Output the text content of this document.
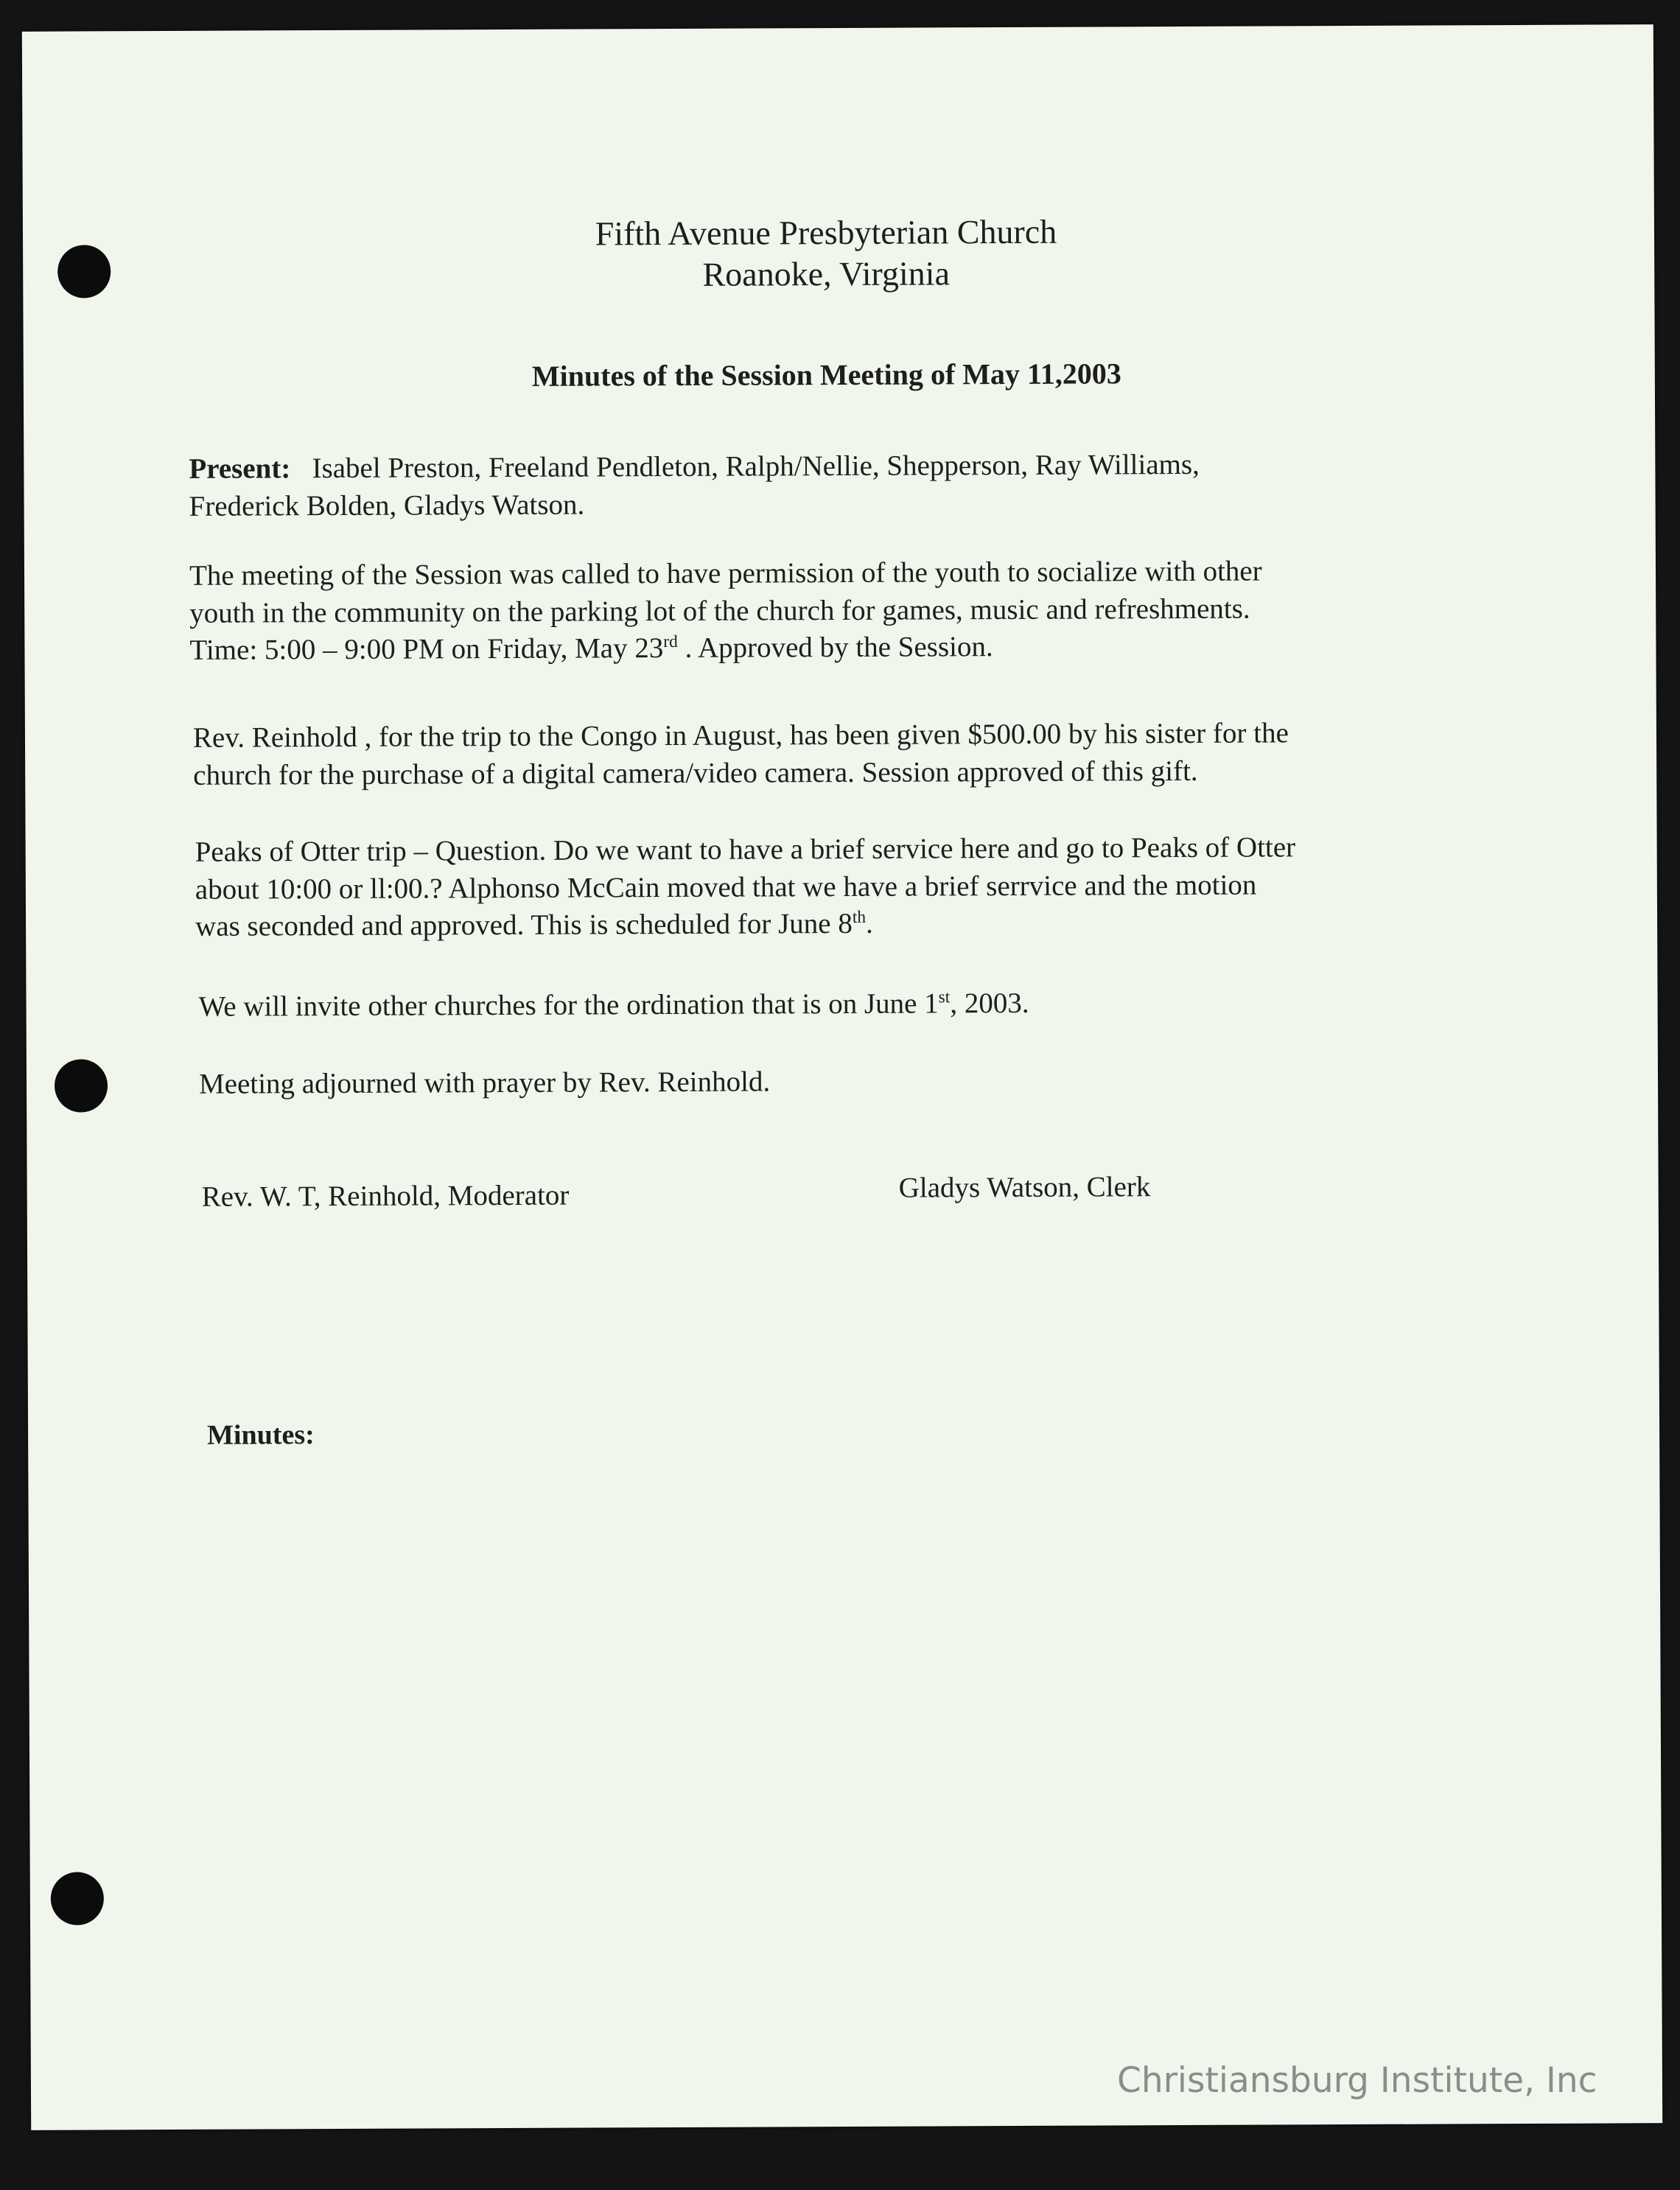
Fifth Avenue Presbyterian Church
Roanoke, Virginia
Minutes of the Session Meeting of May 11,2003

Present: Isabel Preston, Freeland Pendleton, Ralph/Nellie, Shepperson, Ray Williams,

Frederick Bolden, Gladys Watson.

The meeting of the Session was called to have permission of the youth to socialize with other

youth in the community on the parking lot of the church for games, music and refreshments.

Time: 5:00 – 9:00 PM on Friday, May 23rd . Approved by the Session.

Rev. Reinhold , for the trip to the Congo in August, has been given $500.00 by his sister for the

church for the purchase of a digital camera/video camera. Session approved of this gift.

Peaks of Otter trip – Question. Do we want to have a brief service here and go to Peaks of Otter

about 10:00 or ll:00.? Alphonso McCain moved that we have a brief serrvice and the motion

was seconded and approved. This is scheduled for June 8th.

We will invite other churches for the ordination that is on June 1st, 2003.

Meeting adjourned with prayer by Rev. Reinhold.
Rev. W. T, Reinhold, Moderator	Gladys Watson, Clerk
Minutes:
Christiansburg Institute, Inc
